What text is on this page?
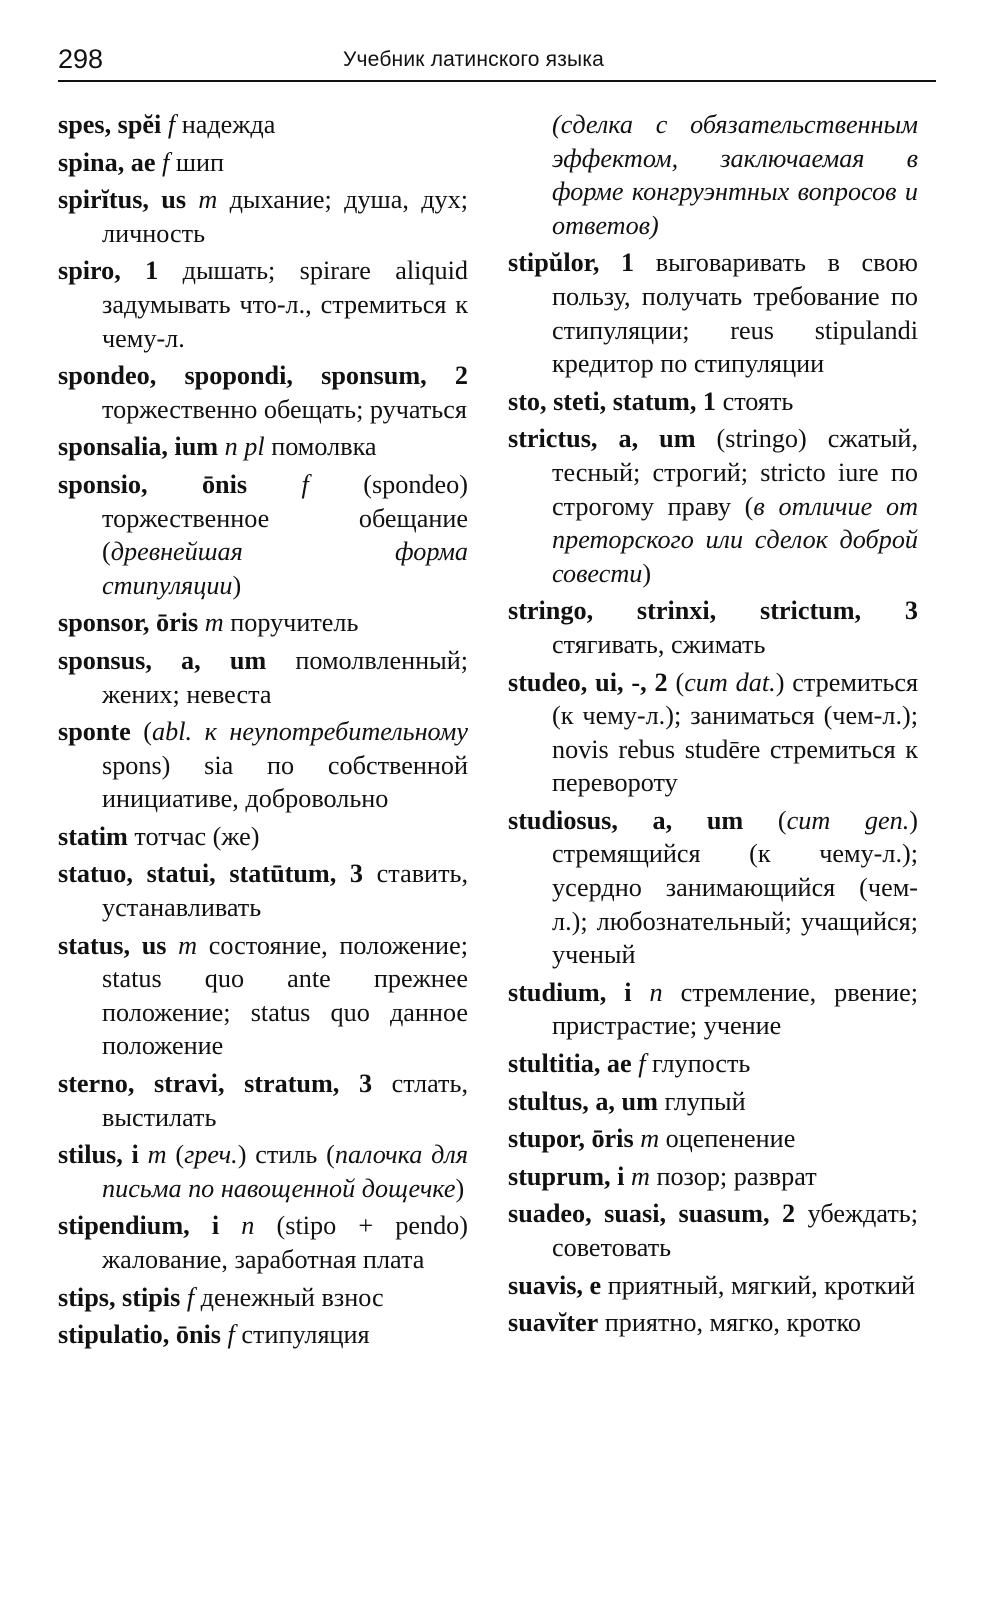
298	Учебник латинского языка
spes, spĕi f надежда
spina, ae f шип
spirĭtus, us m дыхание; душа, дух; личность
spiro, 1 дышать; spirare aliquid задумывать что-л., стремиться к чему-л.
spondeo, spopondi, sponsum, 2 торжественно обещать; ручаться
sponsalia, ium n pl помолвка
sponsio, ōnis f (spondeo) торжественное обещание (древнейшая форма стипуляции)
sponsor, ōris m поручитель
sponsus, a, um помолвленный; жених; невеста
sponte (abl. к неупотребительному spons) sia по собственной инициативе, добровольно
statim тотчас (же)
statuo, statui, statūtum, 3 ставить, устанавливать
status, us m состояние, положение; status quo ante прежнее положение; status quo данное положение
sterno, stravi, stratum, 3 стлать, выстилать
stilus, i m (греч.) стиль (палочка для письма по навощенной дощечке)
stipendium, i n (stipo + pendo) жалование, заработная плата
stips, stipis f денежный взнос
stipulatio, ōnis f стипуляция
(сделка с обязательственным эффектом, заключаемая в форме конгруэнтных вопросов и ответов)
stipŭlor, 1 выговаривать в свою пользу, получать требование по стипуляции; reus stipulandi кредитор по стипуляции
sto, steti, statum, 1 стоять
strictus, a, um (stringo) сжатый, тесный; строгий; stricto iure по строгому праву (в отличие от преторского или сделок доброй совести)
stringo, strinxi, strictum, 3 стягивать, сжимать
studeo, ui, -, 2 (cum dat.) стремиться (к чему-л.); заниматься (чем-л.); novis rebus studēre стремиться к перевороту
studiosus, a, um (cum gen.) стремящийся (к чему-л.); усердно занимающийся (чем-л.); любознательный; учащийся; ученый
studium, i n стремление, рвение; пристрастие; учение
stultitia, ae f глупость
stultus, a, um глупый
stupor, ōris m оцепенение
stuprum, i m позор; разврат
suadeo, suasi, suasum, 2 убеждать; советовать
suavis, e приятный, мягкий, кроткий
suavĭter приятно, мягко, кротко
